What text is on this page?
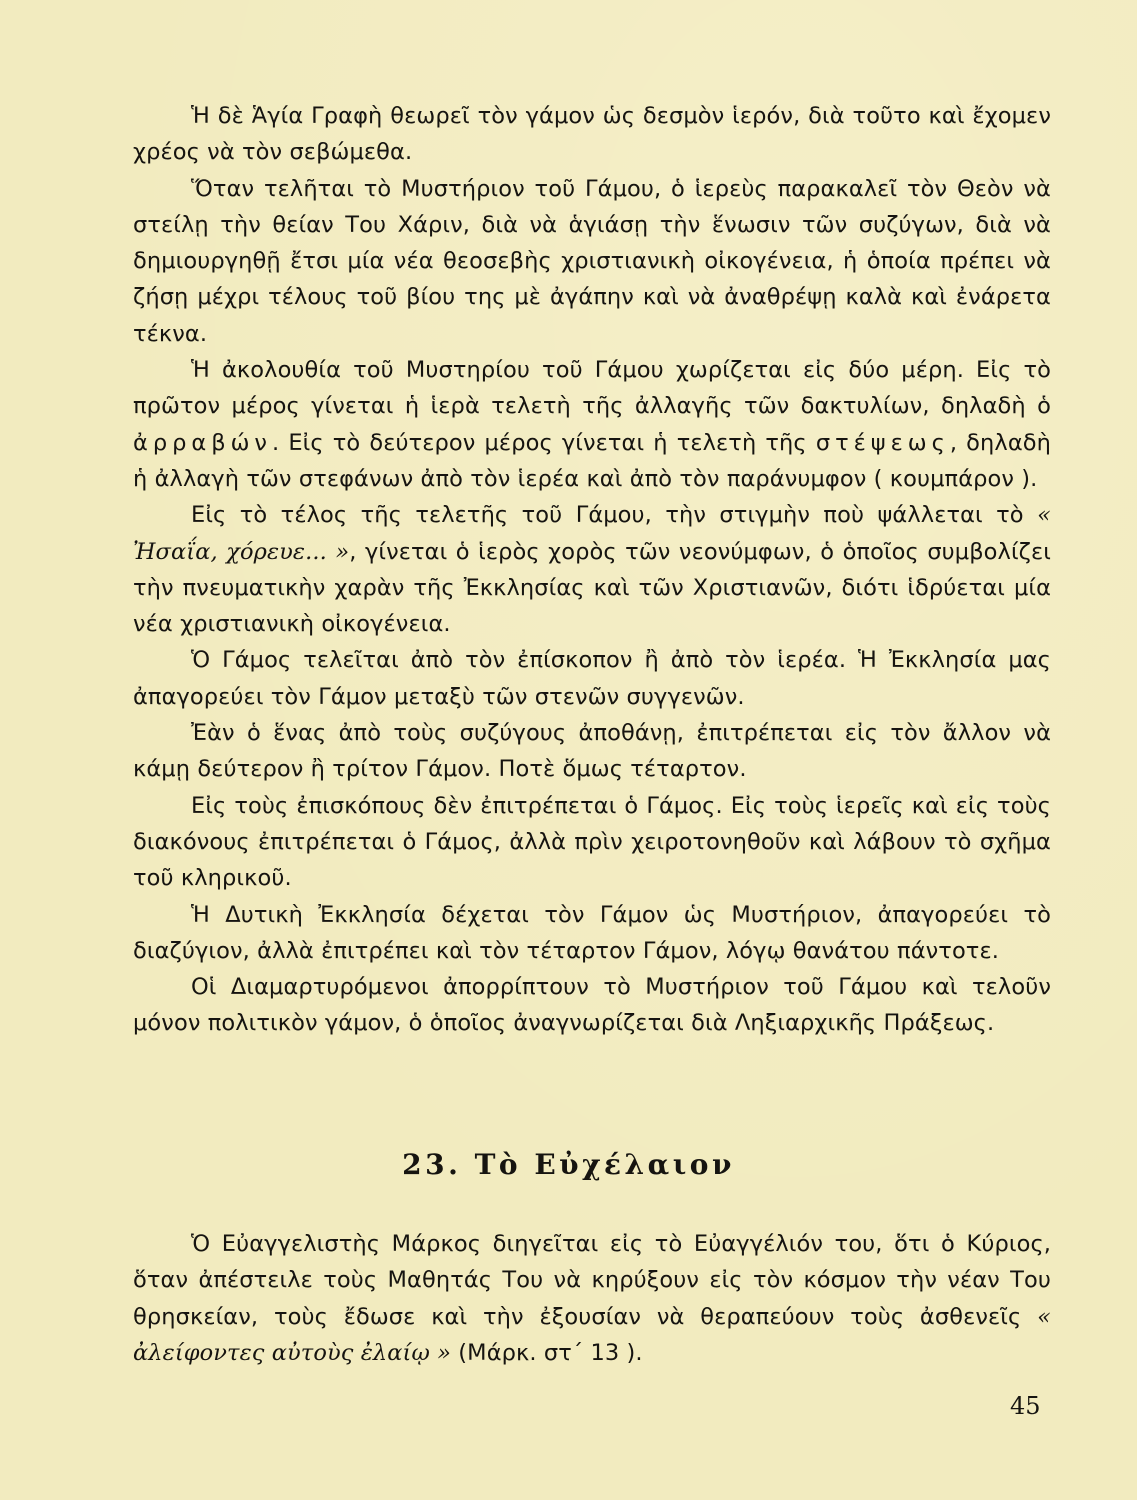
Ἡ δὲ Ἁγία Γραφὴ θεωρεῖ τὸν γάμον ὡς δεσμὸν ἱερόν, διὰ τοῦτο καὶ ἔχομεν χρέος νὰ τὸν σεβώμεθα.

Ὅταν τελῆται τὸ Μυστήριον τοῦ Γάμου, ὁ ἱερεὺς παρακαλεῖ τὸν Θεὸν νὰ στείλῃ τὴν θείαν Του Χάριν, διὰ νὰ ἁγιάσῃ τὴν ἕνωσιν τῶν συζύγων, διὰ νὰ δημιουργηθῇ ἔτσι μία νέα θεοσεβὴς χριστιανικὴ οἰκογένεια, ἡ ὁποία πρέπει νὰ ζήσῃ μέχρι τέλους τοῦ βίου της μὲ ἀγάπην καὶ νὰ ἀναθρέψῃ καλὰ καὶ ἐνάρετα τέκνα.

Ἡ ἀκολουθία τοῦ Μυστηρίου τοῦ Γάμου χωρίζεται εἰς δύο μέρη. Εἰς τὸ πρῶτον μέρος γίνεται ἡ ἱερὰ τελετὴ τῆς ἀλλαγῆς τῶν δακτυλίων, δηλαδὴ ὁ ἀρραβών. Εἰς τὸ δεύτερον μέρος γίνεται ἡ τελετὴ τῆς στέψεως, δηλαδὴ ἡ ἀλλαγὴ τῶν στεφάνων ἀπὸ τὸν ἱερέα καὶ ἀπὸ τὸν παράνυμφον ( κουμπάρον ).

Εἰς τὸ τέλος τῆς τελετῆς τοῦ Γάμου, τὴν στιγμὴν ποὺ ψάλλεται τὸ « Ἠσαΐα, χόρευε... », γίνεται ὁ ἱερὸς χορὸς τῶν νεονύμφων, ὁ ὁποῖος συμβολίζει τὴν πνευματικὴν χαρὰν τῆς Ἐκκλησίας καὶ τῶν Χριστιανῶν, διότι ἱδρύεται μία νέα χριστιανικὴ οἰκογένεια.

Ὁ Γάμος τελεῖται ἀπὸ τὸν ἐπίσκοπον ἢ ἀπὸ τὸν ἱερέα. Ἡ Ἐκκλησία μας ἀπαγορεύει τὸν Γάμον μεταξὺ τῶν στενῶν συγγενῶν.

Ἐὰν ὁ ἕνας ἀπὸ τοὺς συζύγους ἀποθάνῃ, ἐπιτρέπεται εἰς τὸν ἄλλον νὰ κάμῃ δεύτερον ἢ τρίτον Γάμον. Ποτὲ ὅμως τέταρτον.

Εἰς τοὺς ἐπισκόπους δὲν ἐπιτρέπεται ὁ Γάμος. Εἰς τοὺς ἱερεῖς καὶ εἰς τοὺς διακόνους ἐπιτρέπεται ὁ Γάμος, ἀλλὰ πρὶν χειροτονηθοῦν καὶ λάβουν τὸ σχῆμα τοῦ κληρικοῦ.

Ἡ Δυτικὴ Ἐκκλησία δέχεται τὸν Γάμον ὡς Μυστήριον, ἀπαγορεύει τὸ διαζύγιον, ἀλλὰ ἐπιτρέπει καὶ τὸν τέταρτον Γάμον, λόγῳ θανάτου πάντοτε.

Οἱ Διαμαρτυρόμενοι ἀπορρίπτουν τὸ Μυστήριον τοῦ Γάμου καὶ τελοῦν μόνον πολιτικὸν γάμον, ὁ ὁποῖος ἀναγνωρίζεται διὰ Ληξιαρχικῆς Πράξεως.

23. Τὸ Εὐχέλαιον

Ὁ Εὐαγγελιστὴς Μάρκος διηγεῖται εἰς τὸ Εὐαγγέλιόν του, ὅτι ὁ Κύριος, ὅταν ἀπέστειλε τοὺς Μαθητάς Του νὰ κηρύξουν εἰς τὸν κόσμον τὴν νέαν Του θρησκείαν, τοὺς ἔδωσε καὶ τὴν ἐξουσίαν νὰ θεραπεύουν τοὺς ἀσθενεῖς « ἀλείφοντες αὐτοὺς ἐλαίῳ » (Μάρκ. στ΄ 13 ).

45
